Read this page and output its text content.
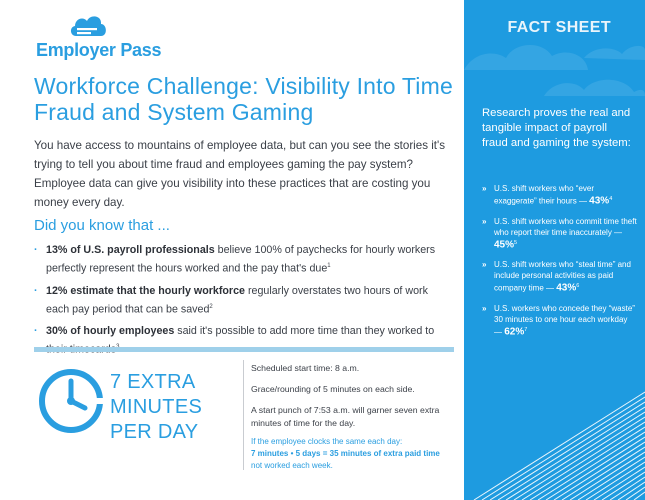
Employer Pass
Workforce Challenge: Visibility Into Time Fraud and System Gaming

You have access to mountains of employee data, but can you see the stories it's trying to tell you about time fraud and employees gaming the pay system? Employee data can give you visibility into these practices that are costing you money every day.

Did you know that ...
· 13% of U.S. payroll professionals believe 100% of paychecks for hourly workers perfectly represent the hours worked and the pay that's due$^1$
· 12% estimate that the hourly workforce regularly overstates two hours of work each pay period that can be saved$^2$
· 30% of hourly employees said it's possible to add more time than they worked to
7 EXTRA MINUTES PER DAY

Scheduled start time: 8 a.m.

Grace/rounding of 5 minutes on each side.

A start punch of 7:53 a.m. will garner seven extra minutes of time for the day.

If the employee clocks the same each day:
7 minutes • 5 days = 35 minutes of extra paid time
not worked each week.

FACT SHEET
Research proves the real and tangible impact of payroll fraud and gaming the system:
» U.S. shift workers who “ever exaggerate” their hours — 43%$^4$
» U.S. shift workers who commit time theft who report their time inaccurately — 45%$^5$
» U.S. shift workers who “steal time” and include personal activities as paid company time — 43%$^6$
» U.S. workers who concede they “waste” 30 minutes to one hour each workday — 62%$^7$
